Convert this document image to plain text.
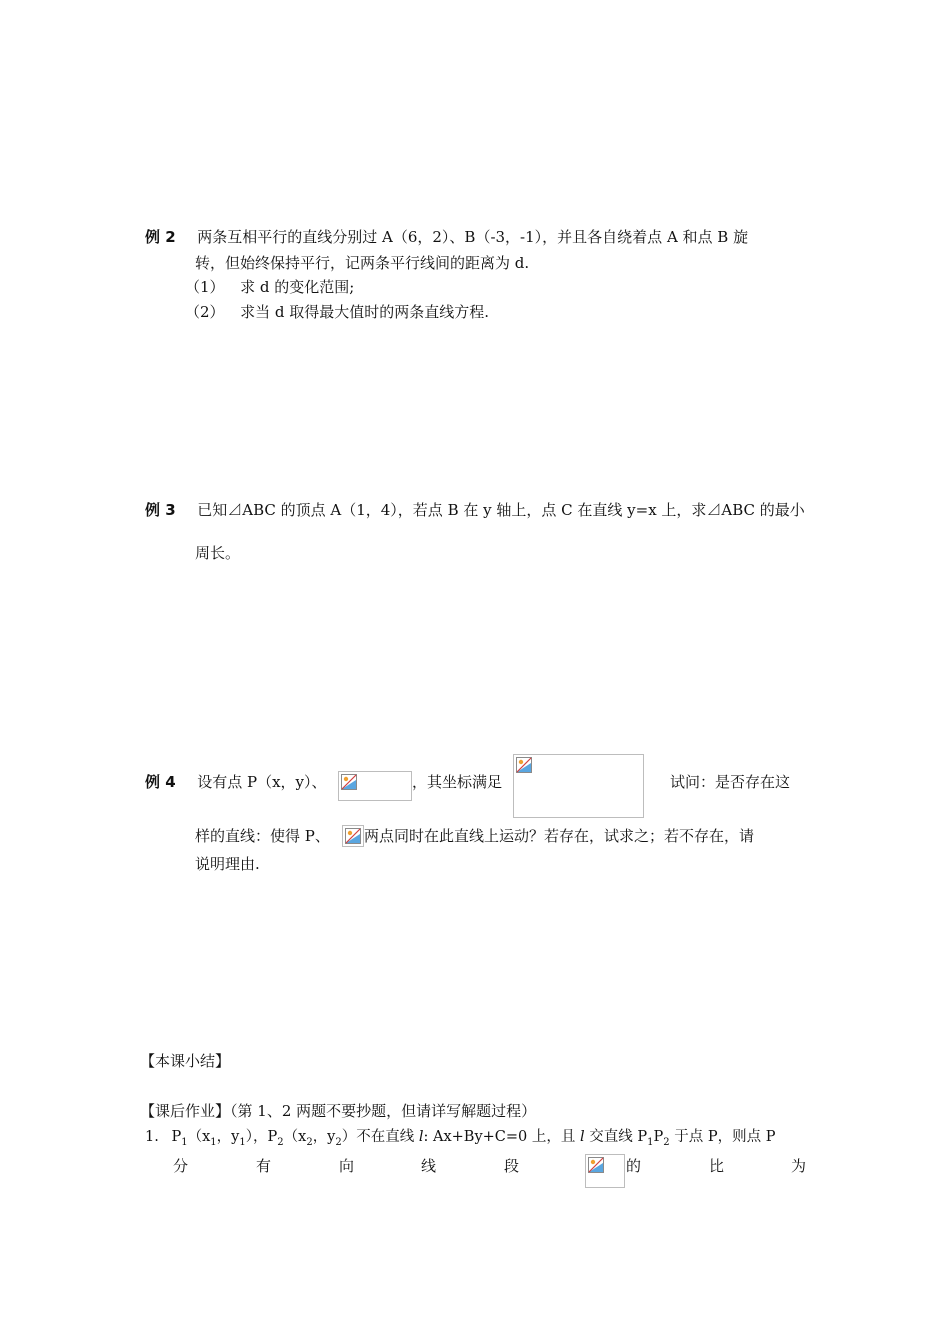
例 2 两条互相平行的直线分别过 A（6，2）、B（-3，-1），并且各自绕着点 A 和点 B 旋
转，但始终保持平行，记两条平行线间的距离为 d.
（1） 求 d 的变化范围;
（2） 求当 d 取得最大值时的两条直线方程.
例 3 已知⊿ABC 的顶点 A（1，4），若点 B 在 y 轴上，点 C 在直线 y=x 上，求⊿ABC 的最小
周长。
例 4 设有点 P（x，y）、	，其坐标满足	试问：是否存在这
样的直线：使得 P、 两点同时在此直线上运动？若存在，试求之；若不存在，请
说明理由.
【本课小结】
【课后作业】（第 1、2 两题不要抄题，但请详写解题过程）
1. $P_1(x_1$，$y_1$），$P_2(x_2$，$y_2$）不在直线 l: Ax+By+C=0 上，且 l 交直线 $P_1P_2$ 于点 P，则点 P
分	有	向	线	段	的	比	为
